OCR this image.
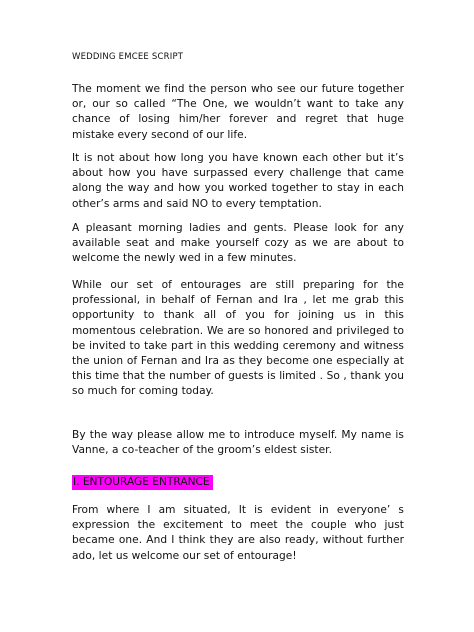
WEDDING EMCEE SCRIPT

The moment we find the person who see our future together or, our so called “The One, we wouldn’t want to take any chance of losing him/her forever and regret that huge mistake every second of our life.

It is not about how long you have known each other but it’s about how you have surpassed every challenge that came along the way and how you worked together to stay in each other’s arms and said NO to every temptation.

A pleasant morning ladies and gents. Please look for any available seat and make yourself cozy as we are about to welcome the newly wed in a few minutes.

While our set of entourages are still preparing for the professional, in behalf of Fernan and Ira , let me grab this opportunity to thank all of you for joining us in this momentous celebration. We are so honored and privileged to be invited to take part in this wedding ceremony and witness the union of Fernan and Ira as they become one especially at this time that the number of guests is limited . So , thank you so much for coming today.

By the way please allow me to introduce myself. My name is Vanne, a co-teacher of the groom’s eldest sister.

I. ENTOURAGE ENTRANCE

From where I am situated, It is evident in everyone’ s expression the excitement to meet the couple who just became one. And I think they are also ready, without further ado, let us welcome our set of entourage!
